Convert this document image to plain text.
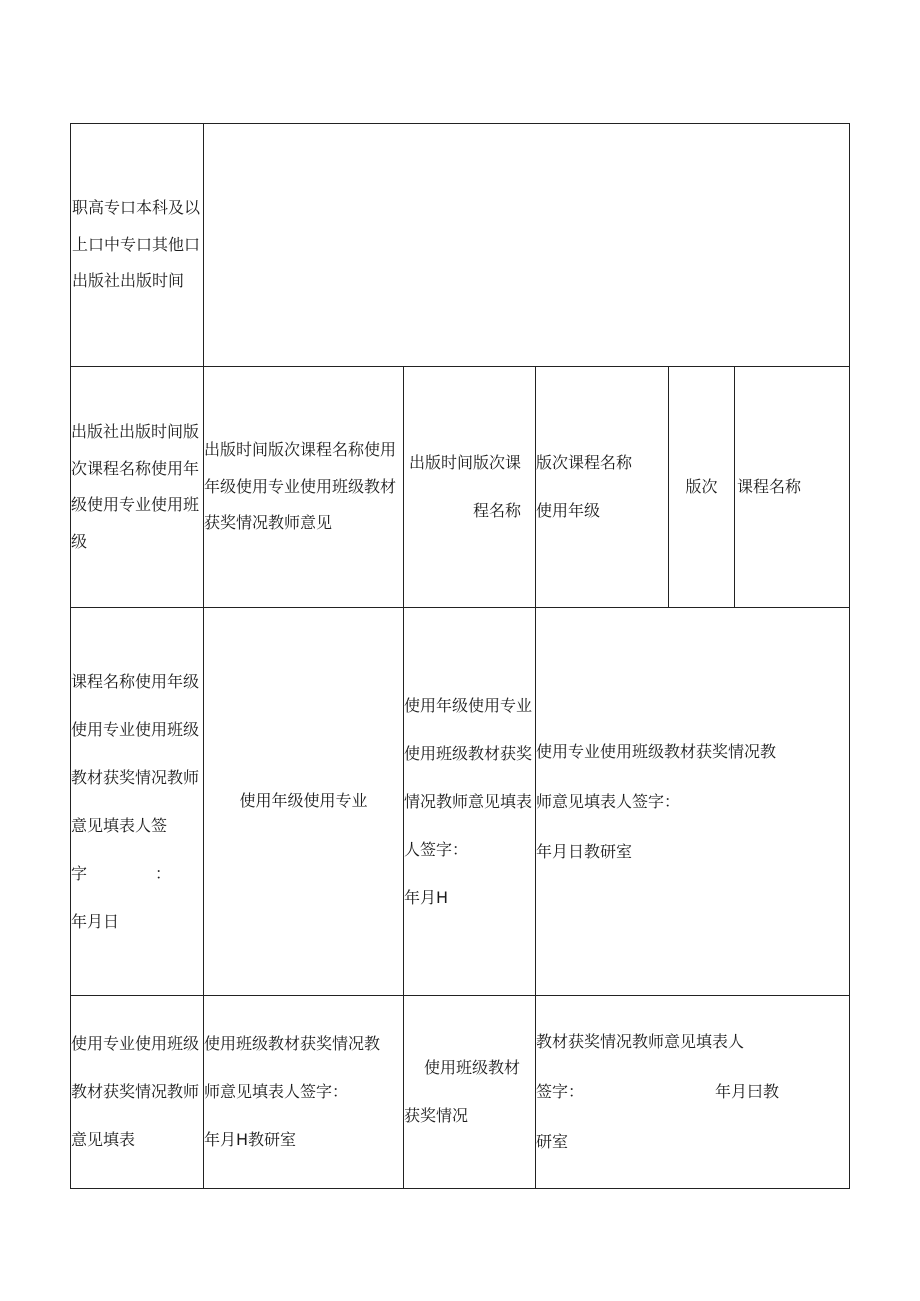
职高专口本科及以上口中专口其他口出版社出版时间
出版社出版时间版次课程名称使用年级使用专业使用班级
出版时间版次课程名称使用年级使用专业使用班级教材获奖情况教师意见
出版时间版次课程名称
版次课程名称使用年级
版次 课程名称
课程名称使用年级使用专业使用班级教材获奖情况教师意见填表人签
字	：
年月日
使用年级使用专业
使用年级使用专业使用班级教材获奖情况教师意见填表人签字：
年月H
使用专业使用班级教材获奖情况教师意见填表人签字：
年月日教研室
使用专业使用班级教材获奖情况教师意见填表
使用班级教材获奖情况教师意见填表人签字：
年月H教研室
使用班级教材获奖情况
教材获奖情况教师意见填表人
签字：	年月曰教
研室
